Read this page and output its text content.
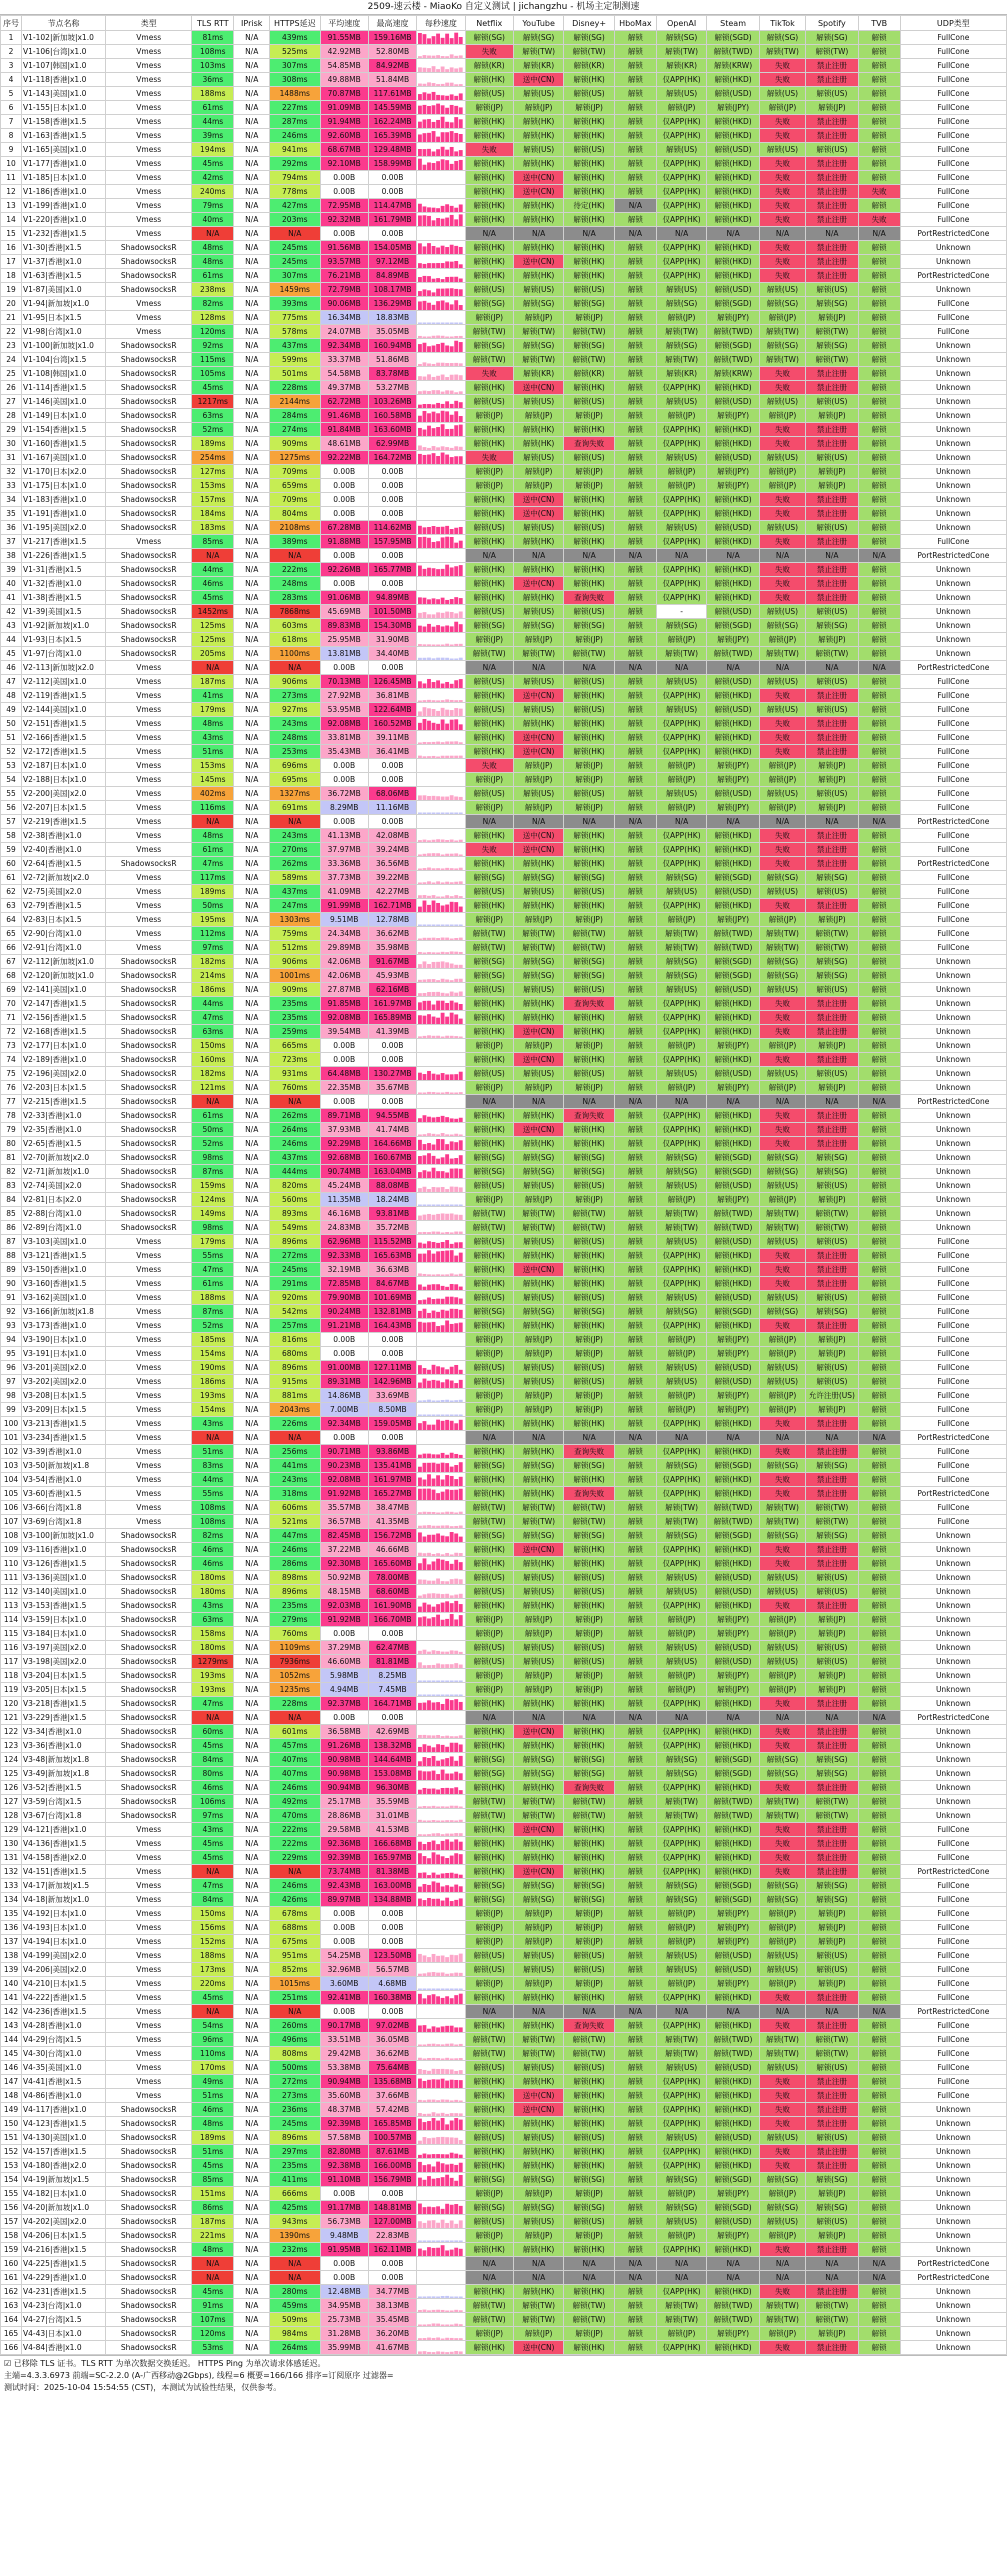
2509-速云楼 - MiaoKo 自定义测试 | jichangzhu - 机场主定制测速
序号	节点名称	类型	TLS RTT	IPrisk	HTTPS延迟	平均速度	最高速度	每秒速度	Netflix	YouTube	Disney+	HboMax	OpenAI	Steam	TikTok	Spotify	TVB	UDP类型
1	V1-102|新加坡|x1.0	Vmess	81ms	N/A	439ms	91.55MB	159.16MB		解锁(SG)	解锁(SG)	解锁(SG)	解锁	解锁(SG)	解锁(SGD)	解锁(SG)	解锁(SG)	解锁	FullCone
2	V1-106|台湾|x1.0	Vmess	108ms	N/A	525ms	42.92MB	52.80MB		失败	解锁(TW)	解锁(TW)	解锁	解锁(TW)	解锁(TWD)	解锁(TW)	解锁(TW)	解锁	FullCone
3	V1-107|韩国|x1.0	Vmess	103ms	N/A	307ms	54.85MB	84.92MB		解锁(KR)	解锁(KR)	解锁(KR)	解锁	解锁(KR)	解锁(KRW)	失败	禁止注册	解锁	FullCone
4	V1-118|香港|x1.0	Vmess	36ms	N/A	308ms	49.88MB	51.84MB		解锁(HK)	送中(CN)	解锁(HK)	解锁	仅APP(HK)	解锁(HKD)	失败	禁止注册	解锁	FullCone
5	V1-143|美国|x1.0	Vmess	188ms	N/A	1488ms	70.87MB	117.61MB		解锁(US)	解锁(US)	解锁(US)	解锁	解锁(US)	解锁(USD)	解锁(US)	解锁(US)	解锁	FullCone
6	V1-155|日本|x1.0	Vmess	61ms	N/A	227ms	91.09MB	145.59MB		解锁(JP)	解锁(JP)	解锁(JP)	解锁	解锁(JP)	解锁(JPY)	解锁(JP)	解锁(JP)	解锁	FullCone
7	V1-158|香港|x1.5	Vmess	44ms	N/A	287ms	91.94MB	162.24MB		解锁(HK)	解锁(HK)	解锁(HK)	解锁	仅APP(HK)	解锁(HKD)	失败	禁止注册	解锁	FullCone
8	V1-163|香港|x1.5	Vmess	39ms	N/A	246ms	92.60MB	165.39MB		解锁(HK)	解锁(HK)	解锁(HK)	解锁	仅APP(HK)	解锁(HKD)	失败	禁止注册	解锁	FullCone
9	V1-165|美国|x1.0	Vmess	194ms	N/A	941ms	68.67MB	129.48MB		失败	解锁(US)	解锁(US)	解锁	解锁(US)	解锁(USD)	解锁(US)	解锁(US)	解锁	FullCone
10	V1-177|香港|x1.0	Vmess	45ms	N/A	292ms	92.10MB	158.99MB		解锁(HK)	解锁(HK)	解锁(HK)	解锁	仅APP(HK)	解锁(HKD)	失败	禁止注册	解锁	FullCone
11	V1-185|日本|x1.0	Vmess	42ms	N/A	794ms	0.00B	0.00B		解锁(HK)	送中(CN)	解锁(HK)	解锁	仅APP(HK)	解锁(HKD)	失败	禁止注册	解锁	FullCone
12	V1-186|香港|x1.0	Vmess	240ms	N/A	778ms	0.00B	0.00B		解锁(HK)	送中(CN)	解锁(HK)	解锁	仅APP(HK)	解锁(HKD)	失败	禁止注册	失败	FullCone
13	V1-199|香港|x1.0	Vmess	79ms	N/A	427ms	72.95MB	114.47MB		解锁(HK)	解锁(HK)	待定(HK)	N/A	仅APP(HK)	解锁(HKD)	失败	禁止注册	解锁	FullCone
14	V1-220|香港|x1.0	Vmess	40ms	N/A	203ms	92.32MB	161.79MB		解锁(HK)	解锁(HK)	解锁(HK)	解锁	仅APP(HK)	解锁(HKD)	失败	禁止注册	失败	FullCone
15	V1-232|香港|x1.5	Vmess	N/A	N/A	N/A	0.00B	0.00B		N/A	N/A	N/A	N/A	N/A	N/A	N/A	N/A	N/A	PortRestrictedCone
16	V1-30|香港|x1.5	ShadowsocksR	48ms	N/A	245ms	91.56MB	154.05MB		解锁(HK)	解锁(HK)	解锁(HK)	解锁	仅APP(HK)	解锁(HKD)	失败	禁止注册	解锁	Unknown
17	V1-37|香港|x1.0	ShadowsocksR	48ms	N/A	245ms	93.57MB	97.12MB		解锁(HK)	送中(CN)	解锁(HK)	解锁	仅APP(HK)	解锁(HKD)	失败	禁止注册	解锁	Unknown
18	V1-63|香港|x1.5	ShadowsocksR	61ms	N/A	307ms	76.21MB	84.89MB		解锁(HK)	解锁(HK)	解锁(HK)	解锁	仅APP(HK)	解锁(HKD)	失败	禁止注册	解锁	PortRestrictedCone
19	V1-87|美国|x1.0	ShadowsocksR	238ms	N/A	1459ms	72.79MB	108.17MB		解锁(US)	解锁(US)	解锁(US)	解锁	解锁(US)	解锁(USD)	解锁(US)	解锁(US)	解锁	Unknown
20	V1-94|新加坡|x1.0	Vmess	82ms	N/A	393ms	90.06MB	136.29MB		解锁(SG)	解锁(SG)	解锁(SG)	解锁	解锁(SG)	解锁(SGD)	解锁(SG)	解锁(SG)	解锁	FullCone
21	V1-95|日本|x1.5	Vmess	128ms	N/A	775ms	16.34MB	18.83MB		解锁(JP)	解锁(JP)	解锁(JP)	解锁	解锁(JP)	解锁(JPY)	解锁(JP)	解锁(JP)	解锁	FullCone
22	V1-98|台湾|x1.0	Vmess	120ms	N/A	578ms	24.07MB	35.05MB		解锁(TW)	解锁(TW)	解锁(TW)	解锁	解锁(TW)	解锁(TWD)	解锁(TW)	解锁(TW)	解锁	FullCone
23	V1-100|新加坡|x1.0	ShadowsocksR	92ms	N/A	437ms	92.34MB	160.94MB		解锁(SG)	解锁(SG)	解锁(SG)	解锁	解锁(SG)	解锁(SGD)	解锁(SG)	解锁(SG)	解锁	Unknown
24	V1-104|台湾|x1.5	ShadowsocksR	115ms	N/A	599ms	33.37MB	51.86MB		解锁(TW)	解锁(TW)	解锁(TW)	解锁	解锁(TW)	解锁(TWD)	解锁(TW)	解锁(TW)	解锁	Unknown
25	V1-108|韩国|x1.0	ShadowsocksR	105ms	N/A	501ms	54.58MB	83.78MB		失败	解锁(KR)	解锁(KR)	解锁	解锁(KR)	解锁(KRW)	失败	禁止注册	解锁	Unknown
26	V1-114|香港|x1.5	ShadowsocksR	45ms	N/A	228ms	49.37MB	53.27MB		解锁(HK)	送中(CN)	解锁(HK)	解锁	仅APP(HK)	解锁(HKD)	失败	禁止注册	解锁	Unknown
27	V1-146|美国|x1.0	ShadowsocksR	1217ms	N/A	2144ms	62.72MB	103.26MB		解锁(US)	解锁(US)	解锁(US)	解锁	解锁(US)	解锁(USD)	解锁(US)	解锁(US)	解锁	Unknown
28	V1-149|日本|x1.0	ShadowsocksR	63ms	N/A	284ms	91.46MB	160.58MB		解锁(JP)	解锁(JP)	解锁(JP)	解锁	解锁(JP)	解锁(JPY)	解锁(JP)	解锁(JP)	解锁	Unknown
29	V1-154|香港|x1.5	ShadowsocksR	52ms	N/A	274ms	91.84MB	163.60MB		解锁(HK)	解锁(HK)	解锁(HK)	解锁	仅APP(HK)	解锁(HKD)	失败	禁止注册	解锁	Unknown
30	V1-160|香港|x1.5	ShadowsocksR	189ms	N/A	909ms	48.61MB	62.99MB		解锁(HK)	解锁(HK)	查询失败	解锁	仅APP(HK)	解锁(HKD)	失败	禁止注册	解锁	Unknown
31	V1-167|美国|x1.0	ShadowsocksR	254ms	N/A	1275ms	92.22MB	164.72MB		失败	解锁(US)	解锁(US)	解锁	解锁(US)	解锁(USD)	解锁(US)	解锁(US)	解锁	Unknown
32	V1-170|日本|x2.0	ShadowsocksR	127ms	N/A	709ms	0.00B	0.00B		解锁(JP)	解锁(JP)	解锁(JP)	解锁	解锁(JP)	解锁(JPY)	解锁(JP)	解锁(JP)	解锁	Unknown
33	V1-175|日本|x1.0	ShadowsocksR	153ms	N/A	659ms	0.00B	0.00B		解锁(JP)	解锁(JP)	解锁(JP)	解锁	解锁(JP)	解锁(JPY)	解锁(JP)	解锁(JP)	解锁	Unknown
34	V1-183|香港|x1.0	ShadowsocksR	157ms	N/A	709ms	0.00B	0.00B		解锁(HK)	送中(CN)	解锁(HK)	解锁	仅APP(HK)	解锁(HKD)	失败	禁止注册	解锁	Unknown
35	V1-191|香港|x1.0	ShadowsocksR	184ms	N/A	804ms	0.00B	0.00B		解锁(HK)	送中(CN)	解锁(HK)	解锁	仅APP(HK)	解锁(HKD)	失败	禁止注册	解锁	Unknown
36	V1-195|美国|x2.0	ShadowsocksR	183ms	N/A	2108ms	67.28MB	114.62MB		解锁(US)	解锁(US)	解锁(US)	解锁	解锁(US)	解锁(USD)	解锁(US)	解锁(US)	解锁	Unknown
37	V1-217|香港|x1.5	Vmess	85ms	N/A	389ms	91.88MB	157.95MB		解锁(HK)	解锁(HK)	解锁(HK)	解锁	仅APP(HK)	解锁(HKD)	失败	禁止注册	解锁	FullCone
38	V1-226|香港|x1.5	ShadowsocksR	N/A	N/A	N/A	0.00B	0.00B		N/A	N/A	N/A	N/A	N/A	N/A	N/A	N/A	N/A	PortRestrictedCone
39	V1-31|香港|x1.5	ShadowsocksR	44ms	N/A	222ms	92.26MB	165.77MB		解锁(HK)	解锁(HK)	解锁(HK)	解锁	仅APP(HK)	解锁(HKD)	失败	禁止注册	解锁	Unknown
40	V1-32|香港|x1.0	ShadowsocksR	46ms	N/A	248ms	0.00B	0.00B		解锁(HK)	送中(CN)	解锁(HK)	解锁	仅APP(HK)	解锁(HKD)	失败	禁止注册	解锁	Unknown
41	V1-38|香港|x1.5	ShadowsocksR	45ms	N/A	283ms	91.06MB	94.89MB		解锁(HK)	解锁(HK)	查询失败	解锁	仅APP(HK)	解锁(HKD)	失败	禁止注册	解锁	Unknown
42	V1-39|美国|x1.5	ShadowsocksR	1452ms	N/A	7868ms	45.69MB	101.50MB		解锁(US)	解锁(US)	解锁(US)	解锁	-	解锁(USD)	解锁(US)	解锁(US)	解锁	Unknown
43	V1-92|新加坡|x1.0	ShadowsocksR	125ms	N/A	603ms	89.83MB	154.30MB		解锁(SG)	解锁(SG)	解锁(SG)	解锁	解锁(SG)	解锁(SGD)	解锁(SG)	解锁(SG)	解锁	Unknown
44	V1-93|日本|x1.5	ShadowsocksR	125ms	N/A	618ms	25.95MB	31.90MB		解锁(JP)	解锁(JP)	解锁(JP)	解锁	解锁(JP)	解锁(JPY)	解锁(JP)	解锁(JP)	解锁	Unknown
45	V1-97|台湾|x1.0	ShadowsocksR	205ms	N/A	1100ms	13.81MB	34.40MB		解锁(TW)	解锁(TW)	解锁(TW)	解锁	解锁(TW)	解锁(TWD)	解锁(TW)	解锁(TW)	解锁	Unknown
46	V2-113|新加坡|x2.0	Vmess	N/A	N/A	N/A	0.00B	0.00B		N/A	N/A	N/A	N/A	N/A	N/A	N/A	N/A	N/A	PortRestrictedCone
47	V2-112|美国|x1.0	Vmess	187ms	N/A	906ms	70.13MB	126.45MB		解锁(US)	解锁(US)	解锁(US)	解锁	解锁(US)	解锁(USD)	解锁(US)	解锁(US)	解锁	FullCone
48	V2-119|香港|x1.5	Vmess	41ms	N/A	273ms	27.92MB	36.81MB		解锁(HK)	送中(CN)	解锁(HK)	解锁	仅APP(HK)	解锁(HKD)	失败	禁止注册	解锁	FullCone
49	V2-144|美国|x1.0	Vmess	179ms	N/A	927ms	53.95MB	122.64MB		解锁(US)	解锁(US)	解锁(US)	解锁	解锁(US)	解锁(USD)	解锁(US)	解锁(US)	解锁	FullCone
50	V2-151|香港|x1.5	Vmess	48ms	N/A	243ms	92.08MB	160.52MB		解锁(HK)	解锁(HK)	解锁(HK)	解锁	仅APP(HK)	解锁(HKD)	失败	禁止注册	解锁	FullCone
51	V2-166|香港|x1.5	Vmess	43ms	N/A	248ms	33.81MB	39.11MB		解锁(HK)	送中(CN)	解锁(HK)	解锁	仅APP(HK)	解锁(HKD)	失败	禁止注册	解锁	FullCone
52	V2-172|香港|x1.5	Vmess	51ms	N/A	253ms	35.43MB	36.41MB		解锁(HK)	送中(CN)	解锁(HK)	解锁	仅APP(HK)	解锁(HKD)	失败	禁止注册	解锁	FullCone
53	V2-187|日本|x1.0	Vmess	153ms	N/A	696ms	0.00B	0.00B		失败	解锁(JP)	解锁(JP)	解锁	解锁(JP)	解锁(JPY)	解锁(JP)	解锁(JP)	解锁	FullCone
54	V2-188|日本|x1.0	Vmess	145ms	N/A	695ms	0.00B	0.00B		解锁(JP)	解锁(JP)	解锁(JP)	解锁	解锁(JP)	解锁(JPY)	解锁(JP)	解锁(JP)	解锁	FullCone
55	V2-200|美国|x2.0	Vmess	402ms	N/A	1327ms	36.72MB	68.06MB		解锁(US)	解锁(US)	解锁(US)	解锁	解锁(US)	解锁(USD)	解锁(US)	解锁(US)	解锁	FullCone
56	V2-207|日本|x1.5	Vmess	116ms	N/A	691ms	8.29MB	11.16MB		解锁(JP)	解锁(JP)	解锁(JP)	解锁	解锁(JP)	解锁(JPY)	解锁(JP)	解锁(JP)	解锁	FullCone
57	V2-219|香港|x1.5	Vmess	N/A	N/A	N/A	0.00B	0.00B		N/A	N/A	N/A	N/A	N/A	N/A	N/A	N/A	N/A	PortRestrictedCone
58	V2-38|香港|x1.0	Vmess	48ms	N/A	243ms	41.13MB	42.08MB		解锁(HK)	送中(CN)	解锁(HK)	解锁	仅APP(HK)	解锁(HKD)	失败	禁止注册	解锁	FullCone
59	V2-40|香港|x1.0	Vmess	61ms	N/A	270ms	37.97MB	39.24MB		失败	送中(CN)	解锁(HK)	解锁	仅APP(HK)	解锁(HKD)	失败	禁止注册	解锁	FullCone
60	V2-64|香港|x1.5	ShadowsocksR	47ms	N/A	262ms	33.36MB	36.56MB		解锁(HK)	解锁(HK)	解锁(HK)	解锁	仅APP(HK)	解锁(HKD)	失败	禁止注册	解锁	PortRestrictedCone
61	V2-72|新加坡|x2.0	Vmess	117ms	N/A	589ms	37.73MB	39.22MB		解锁(SG)	解锁(SG)	解锁(SG)	解锁	解锁(SG)	解锁(SGD)	解锁(SG)	解锁(SG)	解锁	FullCone
62	V2-75|美国|x2.0	Vmess	189ms	N/A	437ms	41.09MB	42.27MB		解锁(US)	解锁(US)	解锁(US)	解锁	解锁(US)	解锁(USD)	解锁(US)	解锁(US)	解锁	FullCone
63	V2-79|香港|x1.5	Vmess	50ms	N/A	247ms	91.99MB	162.71MB		解锁(HK)	解锁(HK)	解锁(HK)	解锁	仅APP(HK)	解锁(HKD)	失败	禁止注册	解锁	FullCone
64	V2-83|日本|x1.5	Vmess	195ms	N/A	1303ms	9.51MB	12.78MB		解锁(JP)	解锁(JP)	解锁(JP)	解锁	解锁(JP)	解锁(JPY)	解锁(JP)	解锁(JP)	解锁	FullCone
65	V2-90|台湾|x1.0	Vmess	112ms	N/A	759ms	24.34MB	36.62MB		解锁(TW)	解锁(TW)	解锁(TW)	解锁	解锁(TW)	解锁(TWD)	解锁(TW)	解锁(TW)	解锁	FullCone
66	V2-91|台湾|x1.0	Vmess	97ms	N/A	512ms	29.89MB	35.98MB		解锁(TW)	解锁(TW)	解锁(TW)	解锁	解锁(TW)	解锁(TWD)	解锁(TW)	解锁(TW)	解锁	FullCone
67	V2-112|新加坡|x1.0	ShadowsocksR	182ms	N/A	906ms	42.06MB	91.67MB		解锁(SG)	解锁(SG)	解锁(SG)	解锁	解锁(SG)	解锁(SGD)	解锁(SG)	解锁(SG)	解锁	Unknown
68	V2-120|新加坡|x1.0	ShadowsocksR	214ms	N/A	1001ms	42.06MB	45.93MB		解锁(SG)	解锁(SG)	解锁(SG)	解锁	解锁(SG)	解锁(SGD)	解锁(SG)	解锁(SG)	解锁	Unknown
69	V2-141|美国|x1.0	ShadowsocksR	186ms	N/A	909ms	27.87MB	62.16MB		解锁(US)	解锁(US)	解锁(US)	解锁	解锁(US)	解锁(USD)	解锁(US)	解锁(US)	解锁	Unknown
70	V2-147|香港|x1.5	ShadowsocksR	44ms	N/A	235ms	91.85MB	161.97MB		解锁(HK)	解锁(HK)	查询失败	解锁	仅APP(HK)	解锁(HKD)	失败	禁止注册	解锁	Unknown
71	V2-156|香港|x1.5	ShadowsocksR	47ms	N/A	235ms	92.08MB	165.89MB		解锁(HK)	解锁(HK)	解锁(HK)	解锁	仅APP(HK)	解锁(HKD)	失败	禁止注册	解锁	Unknown
72	V2-168|香港|x1.5	ShadowsocksR	63ms	N/A	259ms	39.54MB	41.39MB		解锁(HK)	送中(CN)	解锁(HK)	解锁	仅APP(HK)	解锁(HKD)	失败	禁止注册	解锁	Unknown
73	V2-177|日本|x1.0	ShadowsocksR	150ms	N/A	665ms	0.00B	0.00B		解锁(JP)	解锁(JP)	解锁(JP)	解锁	解锁(JP)	解锁(JPY)	解锁(JP)	解锁(JP)	解锁	Unknown
74	V2-189|香港|x1.0	ShadowsocksR	160ms	N/A	723ms	0.00B	0.00B		解锁(HK)	送中(CN)	解锁(HK)	解锁	仅APP(HK)	解锁(HKD)	失败	禁止注册	解锁	Unknown
75	V2-196|美国|x2.0	ShadowsocksR	182ms	N/A	931ms	64.48MB	130.27MB		解锁(US)	解锁(US)	解锁(US)	解锁	解锁(US)	解锁(USD)	解锁(US)	解锁(US)	解锁	Unknown
76	V2-203|日本|x1.5	ShadowsocksR	121ms	N/A	760ms	22.35MB	35.67MB		解锁(JP)	解锁(JP)	解锁(JP)	解锁	解锁(JP)	解锁(JPY)	解锁(JP)	解锁(JP)	解锁	Unknown
77	V2-215|香港|x1.5	ShadowsocksR	N/A	N/A	N/A	0.00B	0.00B		N/A	N/A	N/A	N/A	N/A	N/A	N/A	N/A	N/A	PortRestrictedCone
78	V2-33|香港|x1.0	ShadowsocksR	61ms	N/A	262ms	89.71MB	94.55MB		解锁(HK)	解锁(HK)	查询失败	解锁	仅APP(HK)	解锁(HKD)	失败	禁止注册	解锁	Unknown
79	V2-35|香港|x1.0	ShadowsocksR	50ms	N/A	264ms	37.93MB	41.74MB		解锁(HK)	送中(CN)	解锁(HK)	解锁	仅APP(HK)	解锁(HKD)	失败	禁止注册	解锁	Unknown
80	V2-65|香港|x1.5	ShadowsocksR	52ms	N/A	246ms	92.29MB	164.66MB		解锁(HK)	解锁(HK)	解锁(HK)	解锁	仅APP(HK)	解锁(HKD)	失败	禁止注册	解锁	Unknown
81	V2-70|新加坡|x2.0	ShadowsocksR	98ms	N/A	437ms	92.68MB	160.67MB		解锁(SG)	解锁(SG)	解锁(SG)	解锁	解锁(SG)	解锁(SGD)	解锁(SG)	解锁(SG)	解锁	Unknown
82	V2-71|新加坡|x1.0	ShadowsocksR	87ms	N/A	444ms	90.74MB	163.04MB		解锁(SG)	解锁(SG)	解锁(SG)	解锁	解锁(SG)	解锁(SGD)	解锁(SG)	解锁(SG)	解锁	Unknown
83	V2-74|美国|x2.0	ShadowsocksR	159ms	N/A	820ms	45.24MB	88.08MB		解锁(US)	解锁(US)	解锁(US)	解锁	解锁(US)	解锁(USD)	解锁(US)	解锁(US)	解锁	Unknown
84	V2-81|日本|x2.0	ShadowsocksR	124ms	N/A	560ms	11.35MB	18.24MB		解锁(JP)	解锁(JP)	解锁(JP)	解锁	解锁(JP)	解锁(JPY)	解锁(JP)	解锁(JP)	解锁	Unknown
85	V2-88|台湾|x1.0	ShadowsocksR	149ms	N/A	893ms	46.16MB	93.81MB		解锁(TW)	解锁(TW)	解锁(TW)	解锁	解锁(TW)	解锁(TWD)	解锁(TW)	解锁(TW)	解锁	Unknown
86	V2-89|台湾|x1.0	ShadowsocksR	98ms	N/A	549ms	24.83MB	35.72MB		解锁(TW)	解锁(TW)	解锁(TW)	解锁	解锁(TW)	解锁(TWD)	解锁(TW)	解锁(TW)	解锁	Unknown
87	V3-103|美国|x1.0	Vmess	179ms	N/A	896ms	62.96MB	115.52MB		解锁(US)	解锁(US)	解锁(US)	解锁	解锁(US)	解锁(USD)	解锁(US)	解锁(US)	解锁	FullCone
88	V3-121|香港|x1.5	Vmess	55ms	N/A	272ms	92.33MB	165.63MB		解锁(HK)	解锁(HK)	解锁(HK)	解锁	仅APP(HK)	解锁(HKD)	失败	禁止注册	解锁	FullCone
89	V3-150|香港|x1.0	Vmess	47ms	N/A	245ms	32.19MB	36.63MB		解锁(HK)	送中(CN)	解锁(HK)	解锁	仅APP(HK)	解锁(HKD)	失败	禁止注册	解锁	FullCone
90	V3-160|香港|x1.5	Vmess	61ms	N/A	291ms	72.85MB	84.67MB		解锁(HK)	解锁(HK)	解锁(HK)	解锁	仅APP(HK)	解锁(HKD)	失败	禁止注册	解锁	FullCone
91	V3-162|美国|x1.0	Vmess	188ms	N/A	920ms	79.90MB	101.69MB		解锁(US)	解锁(US)	解锁(US)	解锁	解锁(US)	解锁(USD)	解锁(US)	解锁(US)	解锁	FullCone
92	V3-166|新加坡|x1.8	Vmess	87ms	N/A	542ms	90.24MB	132.81MB		解锁(SG)	解锁(SG)	解锁(SG)	解锁	解锁(SG)	解锁(SGD)	解锁(SG)	解锁(SG)	解锁	FullCone
93	V3-173|香港|x1.0	Vmess	52ms	N/A	257ms	91.21MB	164.43MB		解锁(HK)	解锁(HK)	解锁(HK)	解锁	仅APP(HK)	解锁(HKD)	失败	禁止注册	解锁	FullCone
94	V3-190|日本|x1.0	Vmess	185ms	N/A	816ms	0.00B	0.00B		解锁(JP)	解锁(JP)	解锁(JP)	解锁	解锁(JP)	解锁(JPY)	解锁(JP)	解锁(JP)	解锁	FullCone
95	V3-191|日本|x1.0	Vmess	154ms	N/A	680ms	0.00B	0.00B		解锁(JP)	解锁(JP)	解锁(JP)	解锁	解锁(JP)	解锁(JPY)	解锁(JP)	解锁(JP)	解锁	FullCone
96	V3-201|美国|x2.0	Vmess	190ms	N/A	896ms	91.00MB	127.11MB		解锁(US)	解锁(US)	解锁(US)	解锁	解锁(US)	解锁(USD)	解锁(US)	解锁(US)	解锁	FullCone
97	V3-202|美国|x2.0	Vmess	186ms	N/A	915ms	89.31MB	142.96MB		解锁(US)	解锁(US)	解锁(US)	解锁	解锁(US)	解锁(USD)	解锁(US)	解锁(US)	解锁	FullCone
98	V3-208|日本|x1.5	Vmess	193ms	N/A	881ms	14.86MB	33.69MB		解锁(JP)	解锁(JP)	解锁(JP)	解锁	解锁(JP)	解锁(JPY)	解锁(JP)	允许注册(US)	解锁	FullCone
99	V3-209|日本|x1.5	Vmess	154ms	N/A	2043ms	7.00MB	8.50MB		解锁(JP)	解锁(JP)	解锁(JP)	解锁	解锁(JP)	解锁(JPY)	解锁(JP)	解锁(JP)	解锁	FullCone
100	V3-213|香港|x1.5	Vmess	43ms	N/A	226ms	92.34MB	159.05MB		解锁(HK)	解锁(HK)	解锁(HK)	解锁	仅APP(HK)	解锁(HKD)	失败	禁止注册	解锁	FullCone
101	V3-234|香港|x1.5	Vmess	N/A	N/A	N/A	0.00B	0.00B		N/A	N/A	N/A	N/A	N/A	N/A	N/A	N/A	N/A	PortRestrictedCone
102	V3-39|香港|x1.0	Vmess	51ms	N/A	256ms	90.71MB	93.86MB		解锁(HK)	解锁(HK)	查询失败	解锁	仅APP(HK)	解锁(HKD)	失败	禁止注册	解锁	FullCone
103	V3-50|新加坡|x1.8	Vmess	83ms	N/A	441ms	90.23MB	135.41MB		解锁(SG)	解锁(SG)	解锁(SG)	解锁	解锁(SG)	解锁(SGD)	解锁(SG)	解锁(SG)	解锁	FullCone
104	V3-54|香港|x1.0	Vmess	44ms	N/A	243ms	92.08MB	161.97MB		解锁(HK)	解锁(HK)	解锁(HK)	解锁	仅APP(HK)	解锁(HKD)	失败	禁止注册	解锁	FullCone
105	V3-60|香港|x1.5	Vmess	55ms	N/A	318ms	91.92MB	165.27MB		解锁(HK)	解锁(HK)	查询失败	解锁	仅APP(HK)	解锁(HKD)	失败	禁止注册	解锁	PortRestrictedCone
106	V3-66|台湾|x1.8	Vmess	108ms	N/A	606ms	35.57MB	38.47MB		解锁(TW)	解锁(TW)	解锁(TW)	解锁	解锁(TW)	解锁(TWD)	解锁(TW)	解锁(TW)	解锁	FullCone
107	V3-69|台湾|x1.8	Vmess	108ms	N/A	521ms	36.57MB	41.35MB		解锁(TW)	解锁(TW)	解锁(TW)	解锁	解锁(TW)	解锁(TWD)	解锁(TW)	解锁(TW)	解锁	FullCone
108	V3-100|新加坡|x1.0	ShadowsocksR	82ms	N/A	447ms	82.45MB	156.72MB		解锁(SG)	解锁(SG)	解锁(SG)	解锁	解锁(SG)	解锁(SGD)	解锁(SG)	解锁(SG)	解锁	Unknown
109	V3-116|香港|x1.0	ShadowsocksR	46ms	N/A	246ms	37.22MB	46.66MB		解锁(HK)	送中(CN)	解锁(HK)	解锁	仅APP(HK)	解锁(HKD)	失败	禁止注册	解锁	Unknown
110	V3-126|香港|x1.5	ShadowsocksR	46ms	N/A	286ms	92.30MB	165.60MB		解锁(HK)	解锁(HK)	解锁(HK)	解锁	仅APP(HK)	解锁(HKD)	失败	禁止注册	解锁	Unknown
111	V3-136|美国|x1.0	ShadowsocksR	180ms	N/A	898ms	50.92MB	78.00MB		解锁(US)	解锁(US)	解锁(US)	解锁	解锁(US)	解锁(USD)	解锁(US)	解锁(US)	解锁	Unknown
112	V3-140|美国|x1.0	ShadowsocksR	180ms	N/A	896ms	48.15MB	68.60MB		解锁(US)	解锁(US)	解锁(US)	解锁	解锁(US)	解锁(USD)	解锁(US)	解锁(US)	解锁	Unknown
113	V3-153|香港|x1.5	ShadowsocksR	43ms	N/A	235ms	92.03MB	161.90MB		解锁(HK)	解锁(HK)	解锁(HK)	解锁	仅APP(HK)	解锁(HKD)	失败	禁止注册	解锁	Unknown
114	V3-159|日本|x1.0	ShadowsocksR	63ms	N/A	279ms	91.92MB	166.70MB		解锁(JP)	解锁(JP)	解锁(JP)	解锁	解锁(JP)	解锁(JPY)	解锁(JP)	解锁(JP)	解锁	Unknown
115	V3-184|日本|x1.0	ShadowsocksR	158ms	N/A	760ms	0.00B	0.00B		解锁(JP)	解锁(JP)	解锁(JP)	解锁	解锁(JP)	解锁(JPY)	解锁(JP)	解锁(JP)	解锁	Unknown
116	V3-197|美国|x2.0	ShadowsocksR	180ms	N/A	1109ms	37.29MB	62.47MB		解锁(US)	解锁(US)	解锁(US)	解锁	解锁(US)	解锁(USD)	解锁(US)	解锁(US)	解锁	Unknown
117	V3-198|美国|x2.0	ShadowsocksR	1279ms	N/A	7936ms	46.60MB	81.81MB		解锁(US)	解锁(US)	解锁(US)	解锁	解锁(US)	解锁(USD)	解锁(US)	解锁(US)	解锁	Unknown
118	V3-204|日本|x1.5	ShadowsocksR	193ms	N/A	1052ms	5.98MB	8.25MB		解锁(JP)	解锁(JP)	解锁(JP)	解锁	解锁(JP)	解锁(JPY)	解锁(JP)	解锁(JP)	解锁	Unknown
119	V3-205|日本|x1.5	ShadowsocksR	193ms	N/A	1235ms	4.94MB	7.45MB		解锁(JP)	解锁(JP)	解锁(JP)	解锁	解锁(JP)	解锁(JPY)	解锁(JP)	解锁(JP)	解锁	Unknown
120	V3-218|香港|x1.5	ShadowsocksR	47ms	N/A	228ms	92.37MB	164.71MB		解锁(HK)	解锁(HK)	解锁(HK)	解锁	仅APP(HK)	解锁(HKD)	失败	禁止注册	解锁	Unknown
121	V3-229|香港|x1.5	ShadowsocksR	N/A	N/A	N/A	0.00B	0.00B		N/A	N/A	N/A	N/A	N/A	N/A	N/A	N/A	N/A	PortRestrictedCone
122	V3-34|香港|x1.0	ShadowsocksR	60ms	N/A	601ms	36.58MB	42.69MB		解锁(HK)	送中(CN)	解锁(HK)	解锁	仅APP(HK)	解锁(HKD)	失败	禁止注册	解锁	Unknown
123	V3-36|香港|x1.0	ShadowsocksR	45ms	N/A	457ms	91.26MB	138.32MB		解锁(HK)	解锁(HK)	解锁(HK)	解锁	仅APP(HK)	解锁(HKD)	失败	禁止注册	解锁	Unknown
124	V3-48|新加坡|x1.8	ShadowsocksR	84ms	N/A	407ms	90.98MB	144.64MB		解锁(SG)	解锁(SG)	解锁(SG)	解锁	解锁(SG)	解锁(SGD)	解锁(SG)	解锁(SG)	解锁	Unknown
125	V3-49|新加坡|x1.8	ShadowsocksR	80ms	N/A	407ms	90.98MB	153.08MB		解锁(SG)	解锁(SG)	解锁(SG)	解锁	解锁(SG)	解锁(SGD)	解锁(SG)	解锁(SG)	解锁	Unknown
126	V3-52|香港|x1.5	ShadowsocksR	46ms	N/A	246ms	90.94MB	96.30MB		解锁(HK)	解锁(HK)	查询失败	解锁	仅APP(HK)	解锁(HKD)	失败	禁止注册	解锁	Unknown
127	V3-59|台湾|x1.5	ShadowsocksR	106ms	N/A	492ms	25.17MB	35.59MB		解锁(TW)	解锁(TW)	解锁(TW)	解锁	解锁(TW)	解锁(TWD)	解锁(TW)	解锁(TW)	解锁	Unknown
128	V3-67|台湾|x1.8	ShadowsocksR	97ms	N/A	470ms	28.86MB	31.01MB		解锁(TW)	解锁(TW)	解锁(TW)	解锁	解锁(TW)	解锁(TWD)	解锁(TW)	解锁(TW)	解锁	Unknown
129	V4-121|香港|x1.0	Vmess	43ms	N/A	222ms	29.58MB	41.53MB		解锁(HK)	送中(CN)	解锁(HK)	解锁	仅APP(HK)	解锁(HKD)	失败	禁止注册	解锁	FullCone
130	V4-136|香港|x1.5	Vmess	45ms	N/A	222ms	92.36MB	166.68MB		解锁(HK)	解锁(HK)	解锁(HK)	解锁	仅APP(HK)	解锁(HKD)	失败	禁止注册	解锁	FullCone
131	V4-158|香港|x2.0	Vmess	45ms	N/A	229ms	92.39MB	165.97MB		解锁(HK)	解锁(HK)	解锁(HK)	解锁	仅APP(HK)	解锁(HKD)	失败	禁止注册	解锁	FullCone
132	V4-151|香港|x1.5	Vmess	N/A	N/A	N/A	73.74MB	81.38MB		解锁(HK)	送中(CN)	解锁(HK)	解锁	仅APP(HK)	解锁(HKD)	失败	禁止注册	解锁	PortRestrictedCone
133	V4-17|新加坡|x1.5	Vmess	47ms	N/A	246ms	92.43MB	163.00MB		解锁(SG)	解锁(SG)	解锁(SG)	解锁	解锁(SG)	解锁(SGD)	解锁(SG)	解锁(SG)	解锁	FullCone
134	V4-18|新加坡|x1.0	Vmess	84ms	N/A	426ms	89.97MB	134.88MB		解锁(SG)	解锁(SG)	解锁(SG)	解锁	解锁(SG)	解锁(SGD)	解锁(SG)	解锁(SG)	解锁	FullCone
135	V4-192|日本|x1.0	Vmess	150ms	N/A	678ms	0.00B	0.00B		解锁(JP)	解锁(JP)	解锁(JP)	解锁	解锁(JP)	解锁(JPY)	解锁(JP)	解锁(JP)	解锁	FullCone
136	V4-193|日本|x1.0	Vmess	156ms	N/A	688ms	0.00B	0.00B		解锁(JP)	解锁(JP)	解锁(JP)	解锁	解锁(JP)	解锁(JPY)	解锁(JP)	解锁(JP)	解锁	FullCone
137	V4-194|日本|x1.0	Vmess	152ms	N/A	675ms	0.00B	0.00B		解锁(JP)	解锁(JP)	解锁(JP)	解锁	解锁(JP)	解锁(JPY)	解锁(JP)	解锁(JP)	解锁	FullCone
138	V4-199|美国|x2.0	Vmess	188ms	N/A	951ms	54.25MB	123.50MB		解锁(US)	解锁(US)	解锁(US)	解锁	解锁(US)	解锁(USD)	解锁(US)	解锁(US)	解锁	FullCone
139	V4-206|美国|x2.0	Vmess	173ms	N/A	852ms	32.96MB	56.57MB		解锁(US)	解锁(US)	解锁(US)	解锁	解锁(US)	解锁(USD)	解锁(US)	解锁(US)	解锁	FullCone
140	V4-210|日本|x1.5	Vmess	220ms	N/A	1015ms	3.60MB	4.68MB		解锁(JP)	解锁(JP)	解锁(JP)	解锁	解锁(JP)	解锁(JPY)	解锁(JP)	解锁(JP)	解锁	FullCone
141	V4-222|香港|x1.5	Vmess	45ms	N/A	251ms	92.41MB	160.38MB		解锁(HK)	解锁(HK)	解锁(HK)	解锁	仅APP(HK)	解锁(HKD)	失败	禁止注册	解锁	FullCone
142	V4-236|香港|x1.5	Vmess	N/A	N/A	N/A	0.00B	0.00B		N/A	N/A	N/A	N/A	N/A	N/A	N/A	N/A	N/A	PortRestrictedCone
143	V4-28|香港|x1.0	Vmess	54ms	N/A	260ms	90.17MB	97.02MB		解锁(HK)	解锁(HK)	查询失败	解锁	仅APP(HK)	解锁(HKD)	失败	禁止注册	解锁	FullCone
144	V4-29|台湾|x1.5	Vmess	96ms	N/A	496ms	33.51MB	36.05MB		解锁(TW)	解锁(TW)	解锁(TW)	解锁	解锁(TW)	解锁(TWD)	解锁(TW)	解锁(TW)	解锁	FullCone
145	V4-30|台湾|x1.0	Vmess	110ms	N/A	808ms	29.42MB	36.62MB		解锁(TW)	解锁(TW)	解锁(TW)	解锁	解锁(TW)	解锁(TWD)	解锁(TW)	解锁(TW)	解锁	FullCone
146	V4-35|美国|x1.0	Vmess	170ms	N/A	500ms	53.38MB	75.64MB		解锁(US)	解锁(US)	解锁(US)	解锁	解锁(US)	解锁(USD)	解锁(US)	解锁(US)	解锁	FullCone
147	V4-41|香港|x1.5	Vmess	49ms	N/A	272ms	90.94MB	135.68MB		解锁(HK)	解锁(HK)	解锁(HK)	解锁	仅APP(HK)	解锁(HKD)	失败	禁止注册	解锁	FullCone
148	V4-86|香港|x1.0	Vmess	51ms	N/A	273ms	35.60MB	37.66MB		解锁(HK)	送中(CN)	解锁(HK)	解锁	仅APP(HK)	解锁(HKD)	失败	禁止注册	解锁	FullCone
149	V4-117|香港|x1.0	ShadowsocksR	46ms	N/A	236ms	48.37MB	57.42MB		解锁(HK)	送中(CN)	解锁(HK)	解锁	仅APP(HK)	解锁(HKD)	失败	禁止注册	解锁	Unknown
150	V4-123|香港|x1.5	ShadowsocksR	48ms	N/A	245ms	92.39MB	165.85MB		解锁(HK)	解锁(HK)	解锁(HK)	解锁	仅APP(HK)	解锁(HKD)	失败	禁止注册	解锁	Unknown
151	V4-130|美国|x1.0	ShadowsocksR	189ms	N/A	896ms	57.58MB	100.57MB		解锁(US)	解锁(US)	解锁(US)	解锁	解锁(US)	解锁(USD)	解锁(US)	解锁(US)	解锁	Unknown
152	V4-157|香港|x1.5	ShadowsocksR	51ms	N/A	297ms	82.80MB	87.61MB		解锁(HK)	解锁(HK)	解锁(HK)	解锁	仅APP(HK)	解锁(HKD)	失败	禁止注册	解锁	Unknown
153	V4-180|香港|x2.0	ShadowsocksR	45ms	N/A	235ms	92.38MB	166.00MB		解锁(HK)	解锁(HK)	解锁(HK)	解锁	仅APP(HK)	解锁(HKD)	失败	禁止注册	解锁	Unknown
154	V4-19|新加坡|x1.5	ShadowsocksR	85ms	N/A	411ms	91.10MB	156.79MB		解锁(SG)	解锁(SG)	解锁(SG)	解锁	解锁(SG)	解锁(SGD)	解锁(SG)	解锁(SG)	解锁	Unknown
155	V4-182|日本|x1.0	ShadowsocksR	151ms	N/A	666ms	0.00B	0.00B		解锁(JP)	解锁(JP)	解锁(JP)	解锁	解锁(JP)	解锁(JPY)	解锁(JP)	解锁(JP)	解锁	Unknown
156	V4-20|新加坡|x1.0	ShadowsocksR	86ms	N/A	425ms	91.17MB	148.81MB		解锁(SG)	解锁(SG)	解锁(SG)	解锁	解锁(SG)	解锁(SGD)	解锁(SG)	解锁(SG)	解锁	Unknown
157	V4-202|美国|x2.0	ShadowsocksR	187ms	N/A	943ms	56.73MB	127.00MB		解锁(US)	解锁(US)	解锁(US)	解锁	解锁(US)	解锁(USD)	解锁(US)	解锁(US)	解锁	Unknown
158	V4-206|日本|x1.5	ShadowsocksR	221ms	N/A	1390ms	9.48MB	22.83MB		解锁(JP)	解锁(JP)	解锁(JP)	解锁	解锁(JP)	解锁(JPY)	解锁(JP)	解锁(JP)	解锁	Unknown
159	V4-216|香港|x1.5	ShadowsocksR	48ms	N/A	232ms	91.95MB	162.11MB		解锁(HK)	解锁(HK)	解锁(HK)	解锁	仅APP(HK)	解锁(HKD)	失败	禁止注册	解锁	Unknown
160	V4-225|香港|x1.5	ShadowsocksR	N/A	N/A	N/A	0.00B	0.00B		N/A	N/A	N/A	N/A	N/A	N/A	N/A	N/A	N/A	PortRestrictedCone
161	V4-229|香港|x1.0	ShadowsocksR	N/A	N/A	N/A	0.00B	0.00B		N/A	N/A	N/A	N/A	N/A	N/A	N/A	N/A	N/A	PortRestrictedCone
162	V4-231|香港|x1.5	ShadowsocksR	45ms	N/A	280ms	12.48MB	34.77MB		解锁(HK)	解锁(HK)	解锁(HK)	解锁	仅APP(HK)	解锁(HKD)	失败	禁止注册	解锁	Unknown
163	V4-23|台湾|x1.0	ShadowsocksR	91ms	N/A	459ms	34.95MB	38.13MB		解锁(TW)	解锁(TW)	解锁(TW)	解锁	解锁(TW)	解锁(TWD)	解锁(TW)	解锁(TW)	解锁	Unknown
164	V4-27|台湾|x1.5	ShadowsocksR	107ms	N/A	509ms	25.73MB	35.45MB		解锁(TW)	解锁(TW)	解锁(TW)	解锁	解锁(TW)	解锁(TWD)	解锁(TW)	解锁(TW)	解锁	Unknown
165	V4-43|日本|x1.0	ShadowsocksR	120ms	N/A	984ms	31.28MB	36.20MB		解锁(JP)	解锁(JP)	解锁(JP)	解锁	解锁(JP)	解锁(JPY)	解锁(JP)	解锁(JP)	解锁	Unknown
166	V4-84|香港|x1.0	ShadowsocksR	53ms	N/A	264ms	35.99MB	41.67MB		解锁(HK)	送中(CN)	解锁(HK)	解锁	仅APP(HK)	解锁(HKD)	失败	禁止注册	解锁	Unknown
☑ 已移除 TLS 证书。TLS RTT 为单次数据交换延迟。 HTTPS Ping 为单次请求体感延迟。
主端=4.3.3.6973 前端=SC-2.2.0 (A-广西移动@2Gbps), 线程=6 概要=166/166 排序=订阅原序 过滤器=
测试时间：2025-10-04 15:54:55 (CST)，本测试为试验性结果，仅供参考。
